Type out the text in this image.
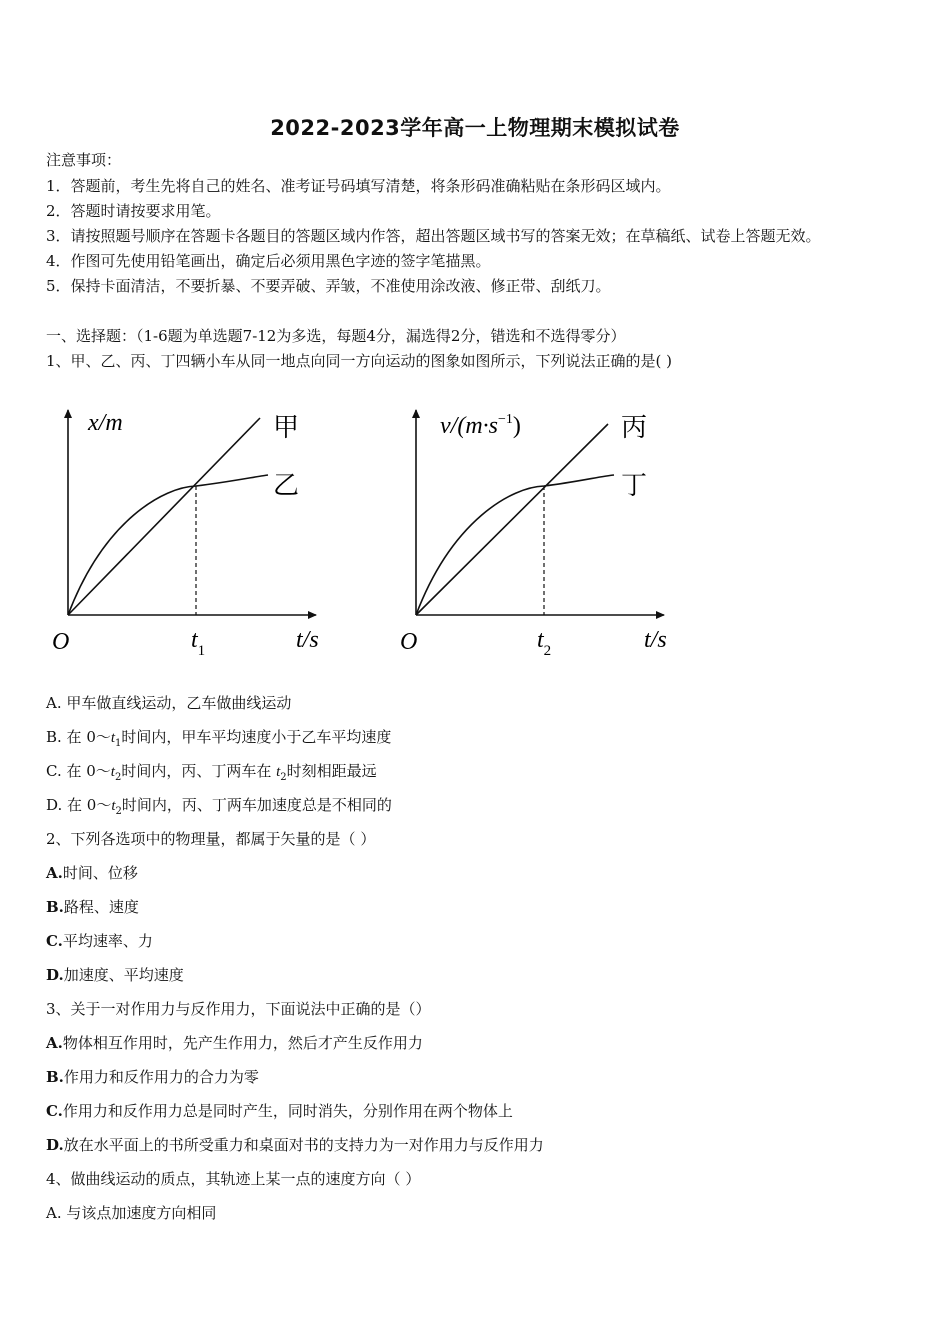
2022-2023学年高一上物理期末模拟试卷
注意事项：
1．答题前，考生先将自己的姓名、准考证号码填写清楚，将条形码准确粘贴在条形码区域内。
2．答题时请按要求用笔。
3．请按照题号顺序在答题卡各题目的答题区域内作答，超出答题区域书写的答案无效；在草稿纸、试卷上答题无效。
4．作图可先使用铅笔画出，确定后必须用黑色字迹的签字笔描黑。
5．保持卡面清洁，不要折暴、不要弄破、弄皱，不准使用涂改液、修正带、刮纸刀。
一、选择题：（1-6题为单选题7-12为多选，每题4分，漏选得2分，错选和不选得零分）
1、甲、乙、丙、丁四辆小车从同一地点向同一方向运动的图象如图所示，下列说法正确的是( )
x/m	甲
乙
O	$t_1$	t/s
$v/(m\cdot s^{-1})$	丙
丁
O	$t_2$	t/s
A. 甲车做直线运动，乙车做曲线运动
B. 在 $0\sim t_1$时间内，甲车平均速度小于乙车平均速度
C. 在 $0\sim t_2$时间内，丙、丁两车在 $t_2$时刻相距最远
D. 在 $0\sim t_2$时间内，丙、丁两车加速度总是不相同的
2、下列各选项中的物理量，都属于矢量的是（ ）
A.时间、位移
B.路程、速度
C.平均速率、力
D.加速度、平均速度
3、关于一对作用力与反作用力，下面说法中正确的是（）
A.物体相互作用时，先产生作用力，然后才产生反作用力
B.作用力和反作用力的合力为零
C.作用力和反作用力总是同时产生，同时消失，分别作用在两个物体上
D.放在水平面上的书所受重力和桌面对书的支持力为一对作用力与反作用力
4、做曲线运动的质点，其轨迹上某一点的速度方向（ ）
A. 与该点加速度方向相同
